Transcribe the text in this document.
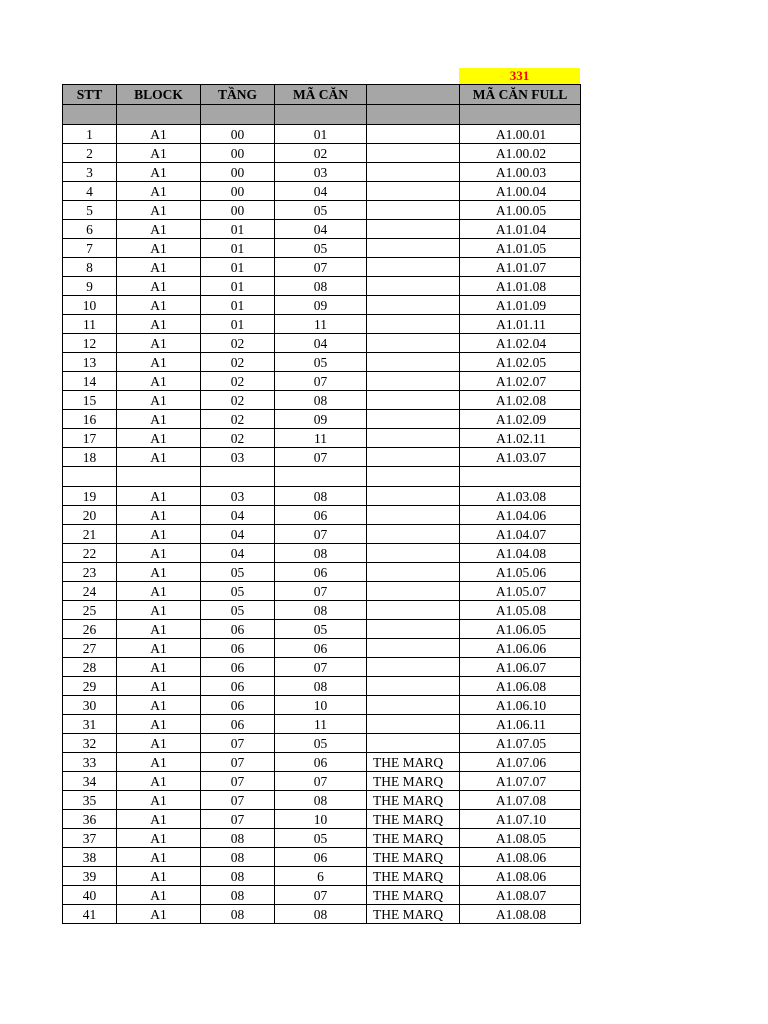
331
STT	BLOCK	TẦNG	MÃ CĂN		MÃ CĂN FULL

1	A1	00	01		A1.00.01
2	A1	00	02		A1.00.02
3	A1	00	03		A1.00.03
4	A1	00	04		A1.00.04
5	A1	00	05		A1.00.05
6	A1	01	04		A1.01.04
7	A1	01	05		A1.01.05
8	A1	01	07		A1.01.07
9	A1	01	08		A1.01.08
10	A1	01	09		A1.01.09
11	A1	01	11		A1.01.11
12	A1	02	04		A1.02.04
13	A1	02	05		A1.02.05
14	A1	02	07		A1.02.07
15	A1	02	08		A1.02.08
16	A1	02	09		A1.02.09
17	A1	02	11		A1.02.11
18	A1	03	07		A1.03.07

19	A1	03	08		A1.03.08
20	A1	04	06		A1.04.06
21	A1	04	07		A1.04.07
22	A1	04	08		A1.04.08
23	A1	05	06		A1.05.06
24	A1	05	07		A1.05.07
25	A1	05	08		A1.05.08
26	A1	06	05		A1.06.05
27	A1	06	06		A1.06.06
28	A1	06	07		A1.06.07
29	A1	06	08		A1.06.08
30	A1	06	10		A1.06.10
31	A1	06	11		A1.06.11
32	A1	07	05		A1.07.05
33	A1	07	06	THE MARQ	A1.07.06
34	A1	07	07	THE MARQ	A1.07.07
35	A1	07	08	THE MARQ	A1.07.08
36	A1	07	10	THE MARQ	A1.07.10
37	A1	08	05	THE MARQ	A1.08.05
38	A1	08	06	THE MARQ	A1.08.06
39	A1	08	6	THE MARQ	A1.08.06
40	A1	08	07	THE MARQ	A1.08.07
41	A1	08	08	THE MARQ	A1.08.08
